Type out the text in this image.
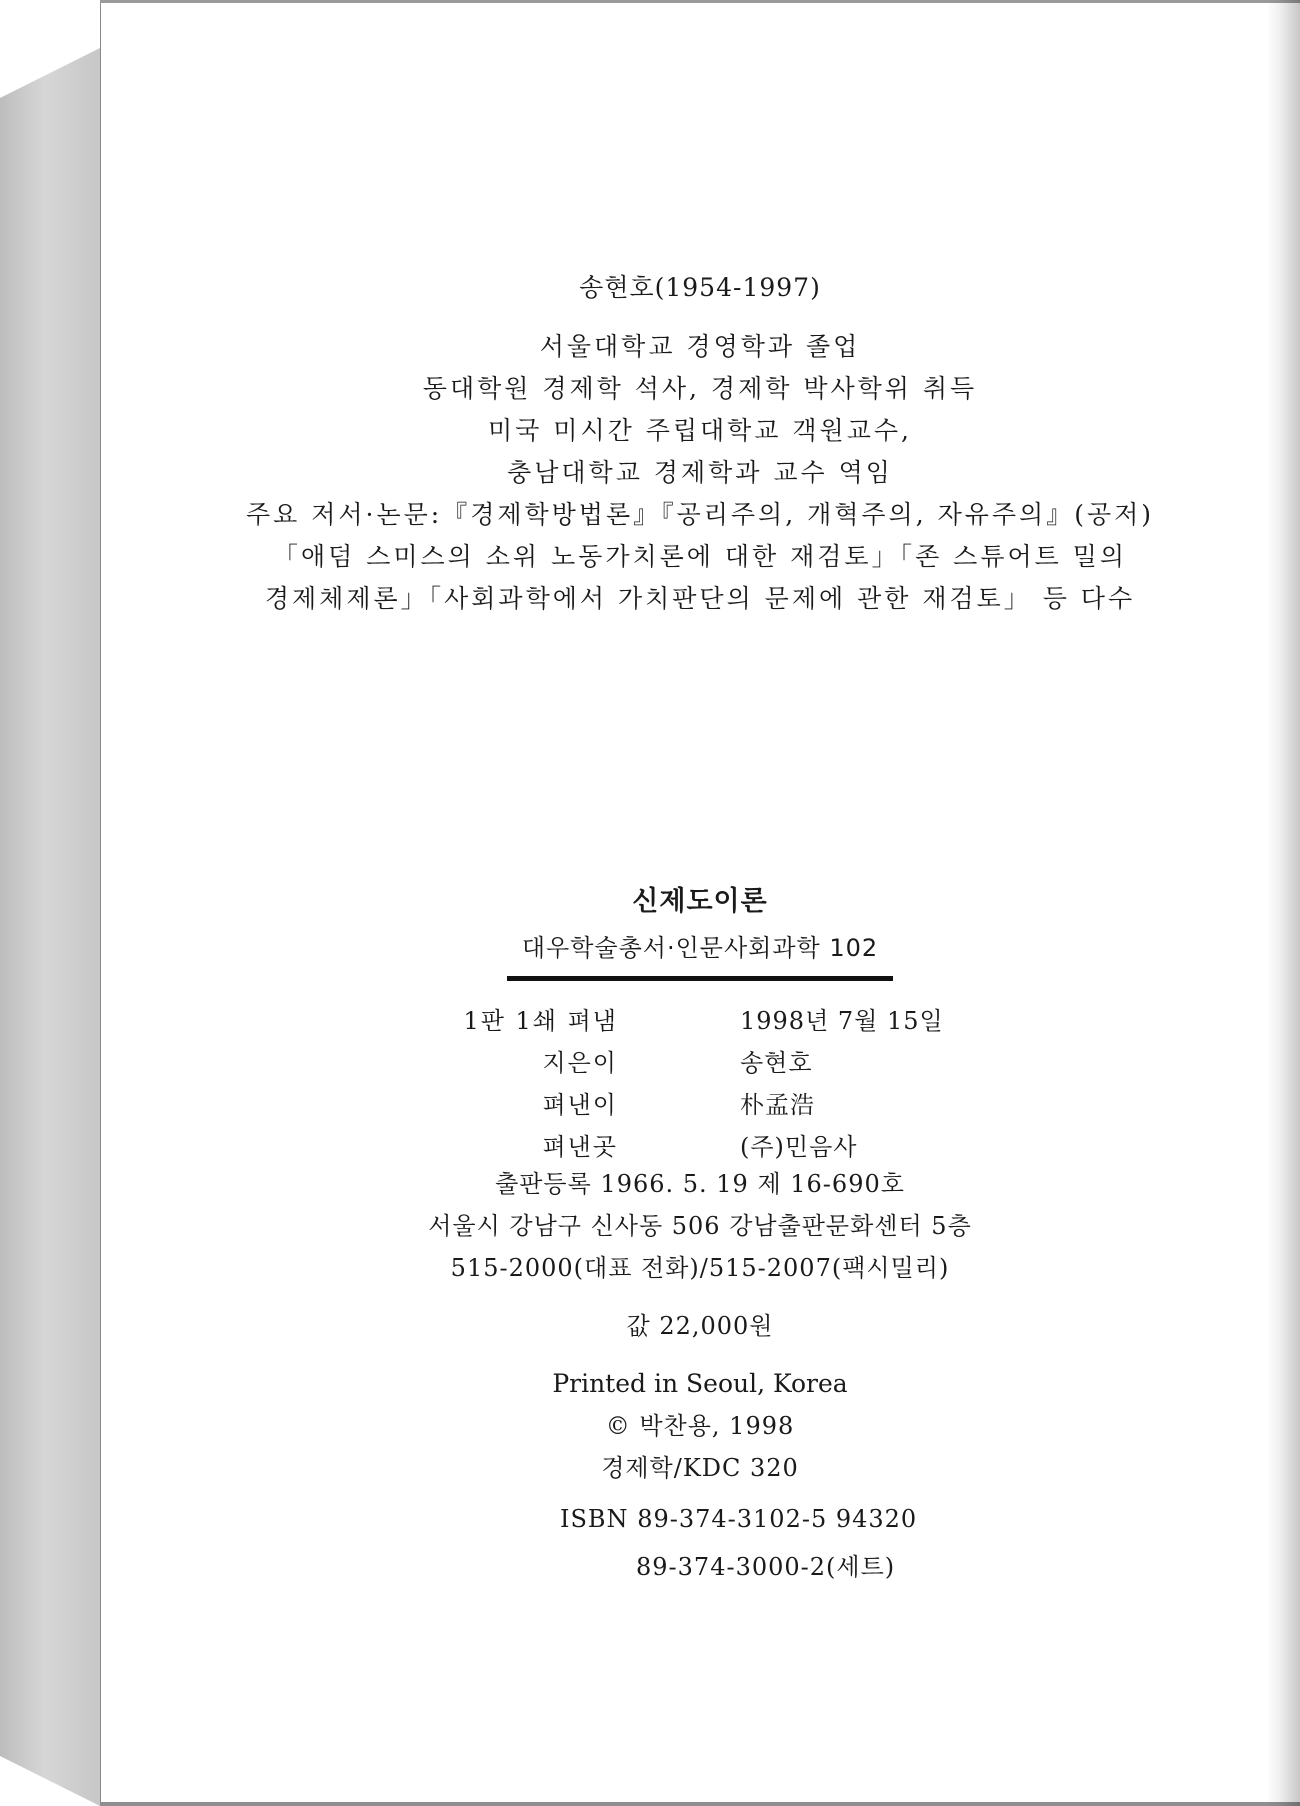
송현호(1954-1997)
서울대학교 경영학과 졸업
동대학원 경제학 석사, 경제학 박사학위 취득
미국 미시간 주립대학교 객원교수,
충남대학교 경제학과 교수 역임
주요 저서·논문:『경제학방법론』『공리주의, 개혁주의, 자유주의』(공저)
「애덤 스미스의 소위 노동가치론에 대한 재검토」「존 스튜어트 밀의
경제체제론」「사회과학에서 가치판단의 문제에 관한 재검토」 등 다수
신제도이론
대우학술총서·인문사회과학 102
1판 1쇄 펴냄	1998년 7월 15일
지은이	송현호
펴낸이	朴孟浩
펴낸곳	(주)민음사
출판등록 1966. 5. 19 제 16-690호
서울시 강남구 신사동 506 강남출판문화센터 5층
515-2000(대표 전화)/515-2007(팩시밀리)
값 22,000원
Printed in Seoul, Korea
© 박찬용, 1998
경제학/KDC 320
ISBN 89-374-3102-5 94320
89-374-3000-2(세트)
